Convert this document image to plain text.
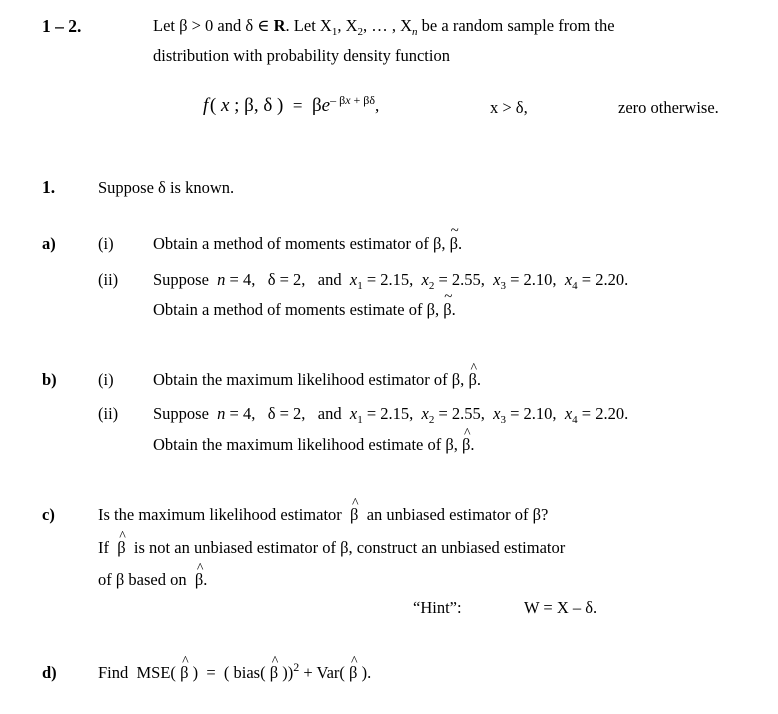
1 – 2.	Let β > 0 and δ ∈ R. Let $X_1$, $X_2$, … , $X_n$ be a random sample from the
distribution with probability density function
f ( x ; β, δ )  =  $\beta e^{- \beta x + \beta\delta}$,	x > δ,	zero otherwise.
1.	Suppose δ is known.
a)	(i) Obtain a method of moments estimator of β, ~ β.
(ii) Suppose  n = 4,   δ = 2,   and  $x_1 = 2.15$,  $x_2 = 2.55$,  $x_3 = 2.10$,  $x_4 = 2.20$.
Obtain a method of moments estimate of β, ~ β.
b)	(i) Obtain the maximum likelihood estimator of β, ^ β.
(ii) Suppose  n = 4,   δ = 2,   and  $x_1 = 2.15$,  $x_2 = 2.55$,  $x_3 = 2.10$,  $x_4 = 2.20$.
Obtain the maximum likelihood estimate of β, ^ β.
c)	Is the maximum likelihood estimator ^ β an unbiased estimator of β?
If ^ β is not an unbiased estimator of β, construct an unbiased estimator
of β based on ^ β.
“Hint”:	W = X – δ.
d)	Find  MSE( ^ β )  =  ( bias( ^ β ))$^2$ + Var( ^ β ).
